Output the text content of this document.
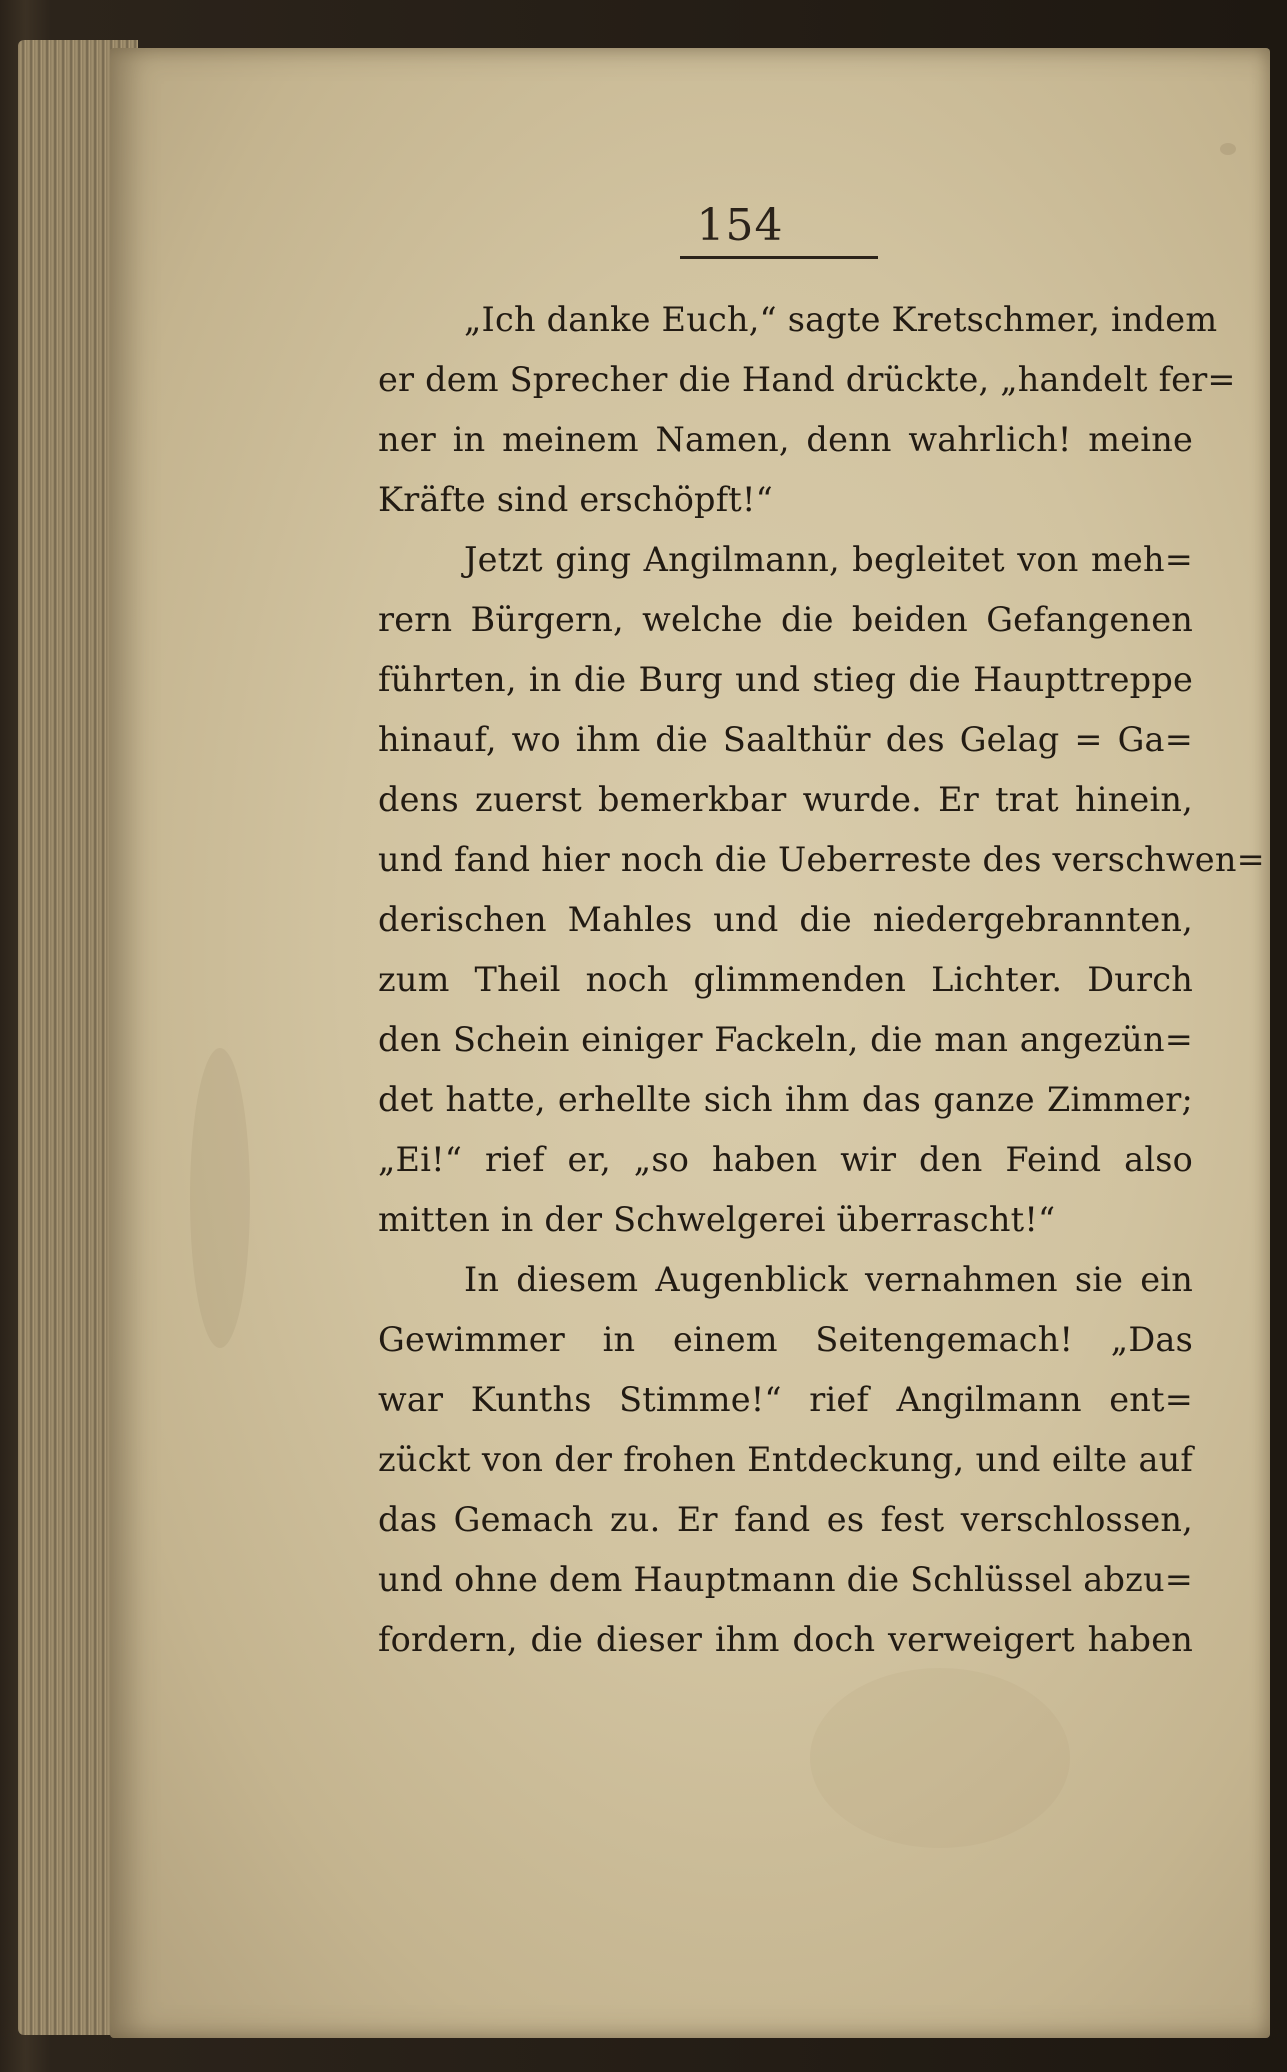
154
„Ich danke Euch,“ sagte Kretschmer, indem
er dem Sprecher die Hand drückte, „handelt fer=
ner in meinem Namen, denn wahrlich! meine
Kräfte sind erschöpft!“
Jetzt ging Angilmann, begleitet von meh=
rern Bürgern, welche die beiden Gefangenen
führten, in die Burg und stieg die Haupttreppe
hinauf, wo ihm die Saalthür des Gelag = Ga=
dens zuerst bemerkbar wurde. Er trat hinein,
und fand hier noch die Ueberreste des verschwen=
derischen Mahles und die niedergebrannten,
zum Theil noch glimmenden Lichter. Durch
den Schein einiger Fackeln, die man angezün=
det hatte, erhellte sich ihm das ganze Zimmer;
„Ei!“ rief er, „so haben wir den Feind also
mitten in der Schwelgerei überrascht!“
In diesem Augenblick vernahmen sie ein
Gewimmer in einem Seitengemach! „Das
war Kunths Stimme!“ rief Angilmann ent=
zückt von der frohen Entdeckung, und eilte auf
das Gemach zu. Er fand es fest verschlossen,
und ohne dem Hauptmann die Schlüssel abzu=
fordern, die dieser ihm doch verweigert haben
